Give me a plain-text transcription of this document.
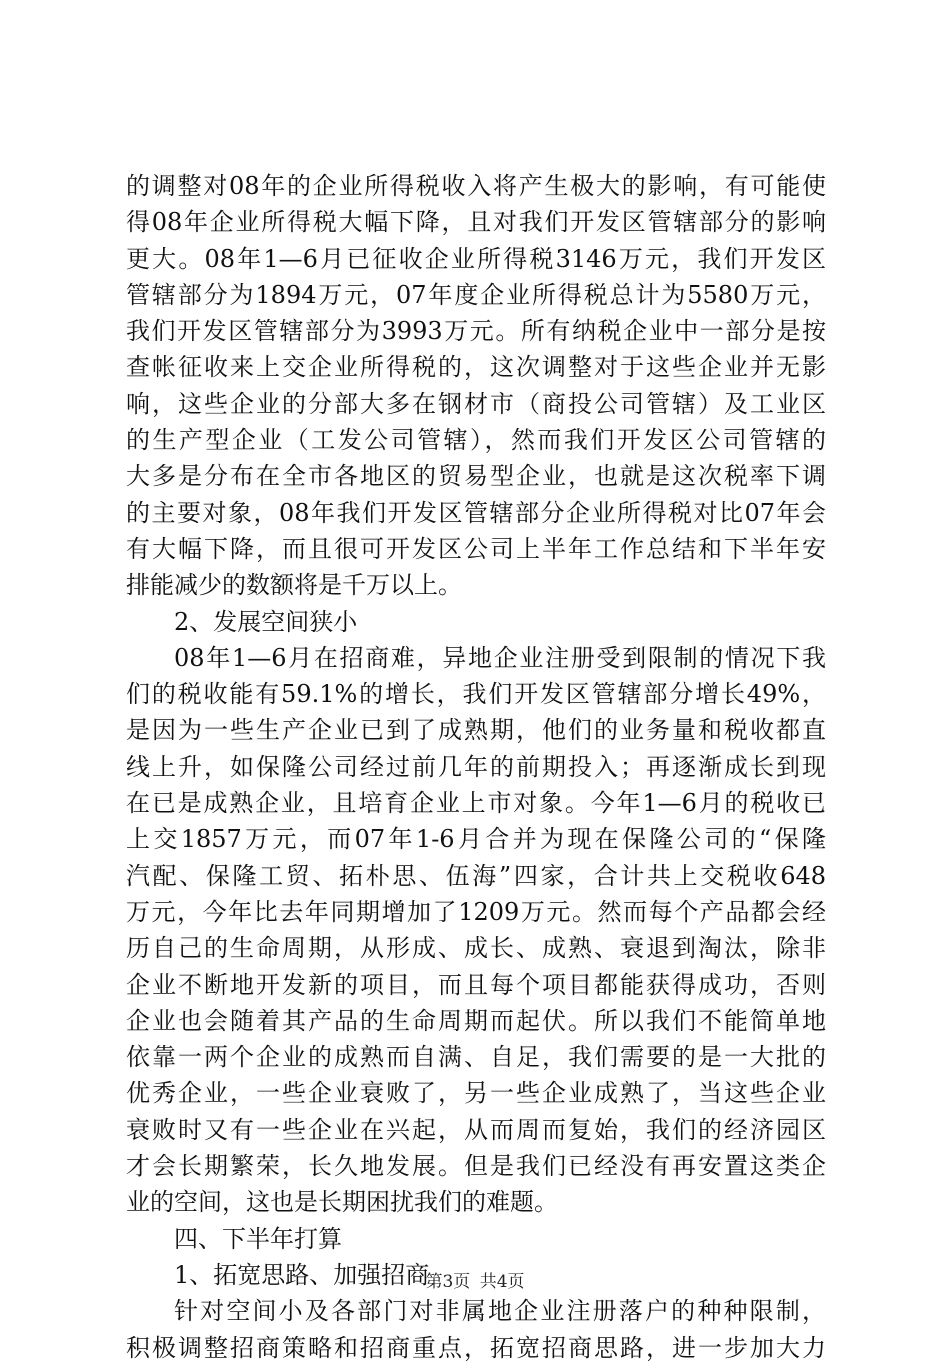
的调整对08年的企业所得税收入将产生极大的影响，有可能使
得08年企业所得税大幅下降，且对我们开发区管辖部分的影响
更大。08年1—6月已征收企业所得税3146万元，我们开发区
管辖部分为1894万元，07年度企业所得税总计为5580万元，
我们开发区管辖部分为3993万元。所有纳税企业中一部分是按
查帐征收来上交企业所得税的，这次调整对于这些企业并无影
响，这些企业的分部大多在钢材市（商投公司管辖）及工业区
的生产型企业（工发公司管辖），然而我们开发区公司管辖的
大多是分布在全市各地区的贸易型企业，也就是这次税率下调
的主要对象，08年我们开发区管辖部分企业所得税对比07年会
有大幅下降，而且很可开发区公司上半年工作总结和下半年安
排能减少的数额将是千万以上。
2、发展空间狭小
08年1—6月在招商难，异地企业注册受到限制的情况下我
们的税收能有59.1%的增长，我们开发区管辖部分增长49%，
是因为一些生产企业已到了成熟期，他们的业务量和税收都直
线上升，如保隆公司经过前几年的前期投入；再逐渐成长到现
在已是成熟企业，且培育企业上市对象。今年1—6月的税收已
上交1857万元，而07年1-6月合并为现在保隆公司的“保隆
汽配、保隆工贸、拓朴思、伍海”四家，合计共上交税收648
万元，今年比去年同期增加了1209万元。然而每个产品都会经
历自己的生命周期，从形成、成长、成熟、衰退到淘汰，除非
企业不断地开发新的项目，而且每个项目都能获得成功，否则
企业也会随着其产品的生命周期而起伏。所以我们不能简单地
依靠一两个企业的成熟而自满、自足，我们需要的是一大批的
优秀企业，一些企业衰败了，另一些企业成熟了，当这些企业
衰败时又有一些企业在兴起，从而周而复始，我们的经济园区
才会长期繁荣，长久地发展。但是我们已经没有再安置这类企
业的空间，这也是长期困扰我们的难题。
四、下半年打算
1、拓宽思路、加强招商
针对空间小及各部门对非属地企业注册落户的种种限制，
积极调整招商策略和招商重点，拓宽招商思路，进一步加大力
第3页 共4页
